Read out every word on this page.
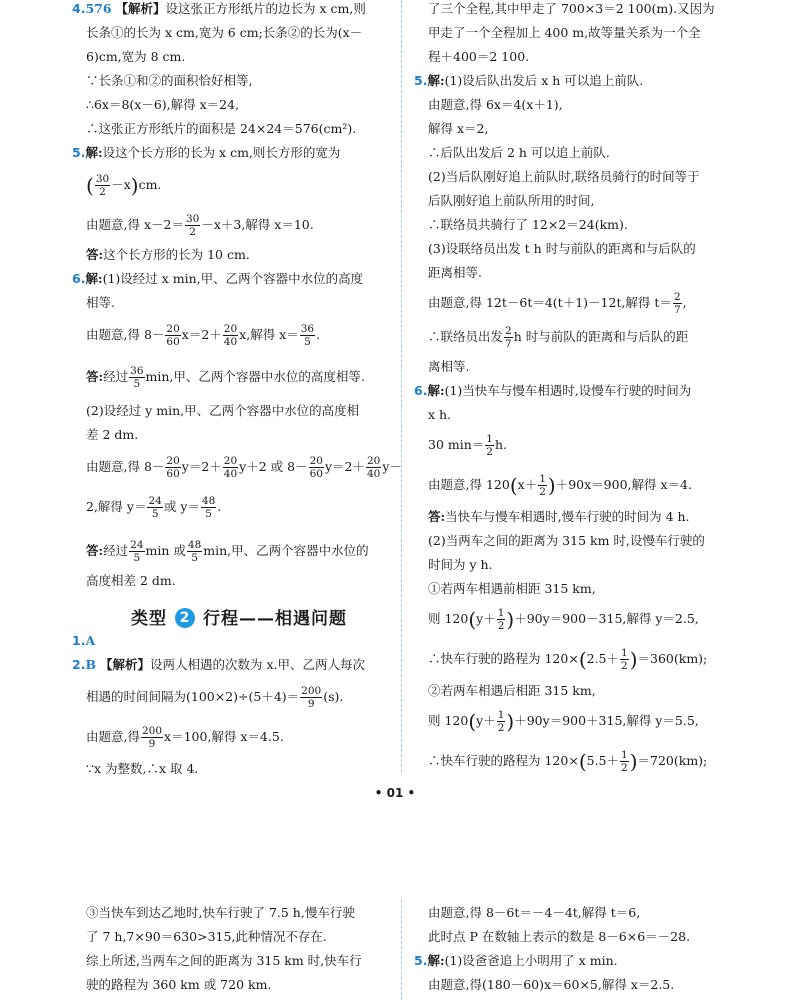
4.576 【解析】设这张正方形纸片的边长为 x cm,则
长条①的长为 x cm,宽为 6 cm;长条②的长为(x－
6)cm,宽为 8 cm.
∵长条①和②的面积恰好相等,
∴6x＝8(x－6),解得 x＝24,
∴这张正方形纸片的面积是 24×24＝576(cm²).
5.解:设这个长方形的长为 x cm,则长方形的宽为
( $\frac{30}{2} -x)cm$.
由题意,得 $x-2= \frac{30}{2} -x+3$,解得 x＝10.
答:这个长方形的长为 10 cm.
6.解:(1)设经过 x min,甲、乙两个容器中水位的高度
相等.
由题意,得 $8- \frac{20}{60} x=2+ \frac{20}{40} x$,解得 $x= \frac{36}{5}$ .
答:经过 $\frac{36}{5} \min$,甲、乙两个容器中水位的高度相等.
(2)设经过 y min,甲、乙两个容器中水位的高度相
差 2 dm.
由题意,得 $8- \frac{20}{60} y=2+ \frac{20}{40} y+2$ 或 $8- \frac{20}{60} y=2+ \frac{20}{40} y-$
2,解得 $y= \frac{24}{5}$ 或 $y= \frac{48}{5}$ .
答:经过 $\frac{24}{5}$ min 或 $\frac{48}{5} \min$,甲、乙两个容器中水位的
高度相差 2 dm.
类型 2 行程——相遇问题
1.A
2.B 【解析】设两人相遇的次数为 x.甲、乙两人每次
相遇的时间间隔为$(100\times 2)\div(5+4)= \frac{200}{9} (s)$.
由题意,得 $\frac{200}{9} x=100$,解得 x＝4.5.
∵x 为整数,∴x 取 4.
了三个全程,其中甲走了 700×3＝2 100(m).又因为
甲走了一个全程加上 400 m,故等量关系为一个全
程＋400＝2 100.
5.解:(1)设后队出发后 x h 可以追上前队.
由题意,得 6x＝4(x＋1),
解得 x＝2,
∴后队出发后 2 h 可以追上前队.
(2)当后队刚好追上前队时,联络员骑行的时间等于
后队刚好追上前队所用的时间,
∴联络员共骑行了 12×2＝24(km).
(3)设联络员出发 t h 时与前队的距离和与后队的
距离相等.
由题意,得 12t－6t＝4(t＋1)－12t,解得 $t= \frac{2}{7}$ ,
∴联络员出发 $\frac{2}{7}$ h 时与前队的距离和与后队的距
离相等.
6.解:(1)当快车与慢车相遇时,设慢车行驶的时间为
x h.
30 $\min= \frac{1}{2} h$.
由题意,得 $120(x+ \frac{1}{2} )+90x=900$,解得 x＝4.
答:当快车与慢车相遇时,慢车行驶的时间为 4 h.
(2)当两车之间的距离为 315 km 时,设慢车行驶的
时间为 y h.
①若两车相遇前相距 315 km,
则 $120(y+ \frac{1}{2} )+90y=900-315$,解得 y＝2.5,
∴快车行驶的路程为 $120\times(2.5+ \frac{1}{2} )=360(km)$;
②若两车相遇后相距 315 km,
则 $120(y+ \frac{1}{2} )+90y=900+315$,解得 y＝5.5,
∴快车行驶的路程为 $120\times(5.5+ \frac{1}{2} )=720(km)$;
• 01 •
③当快车到达乙地时,快车行驶了 7.5 h,慢车行驶
了 7 h,7×90＝630>315,此种情况不存在.
综上所述,当两车之间的距离为 315 km 时,快车行
驶的路程为 360 km 或 720 km.
由题意,得 8－6t＝－4－4t,解得 t＝6,
此时点 P 在数轴上表示的数是 8－6×6＝－28.
5.解:(1)设爸爸追上小明用了 x min.
由题意,得(180－60)x＝60×5,解得 x＝2.5.
